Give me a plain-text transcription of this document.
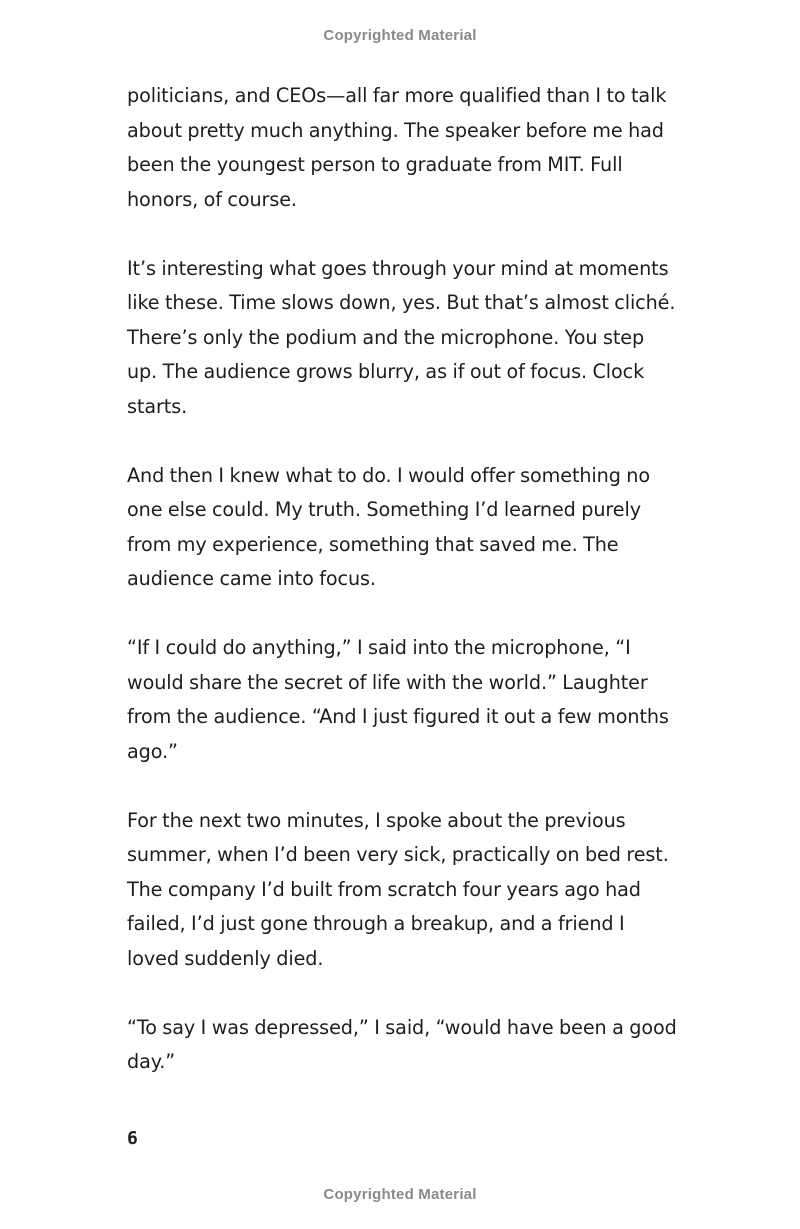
Copyrighted Material

politicians, and CEOs—all far more qualified than I to talk
about pretty much anything. The speaker before me had
been the youngest person to graduate from MIT. Full
honors, of course.

It’s interesting what goes through your mind at moments
like these. Time slows down, yes. But that’s almost cliché.
There’s only the podium and the microphone. You step
up. The audience grows blurry, as if out of focus. Clock
starts.

And then I knew what to do. I would offer something no
one else could. My truth. Something I’d learned purely
from my experience, something that saved me. The
audience came into focus.

“If I could do anything,” I said into the microphone, “I
would share the secret of life with the world.” Laughter
from the audience. “And I just figured it out a few months
ago.”

For the next two minutes, I spoke about the previous
summer, when I’d been very sick, practically on bed rest.
The company I’d built from scratch four years ago had
failed, I’d just gone through a breakup, and a friend I
loved suddenly died.

“To say I was depressed,” I said, “would have been a good
day.”

6
Copyrighted Material
